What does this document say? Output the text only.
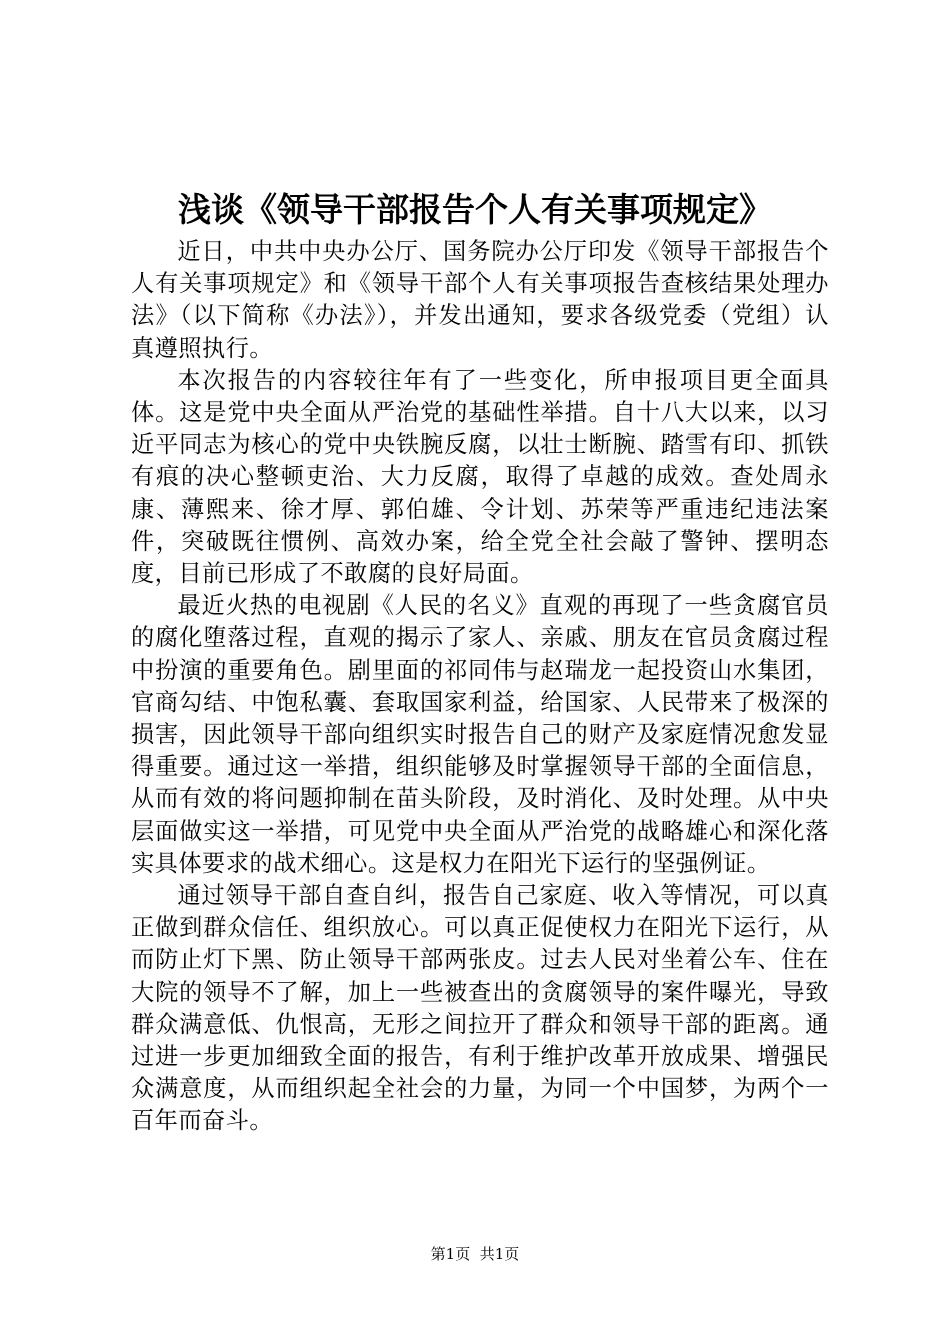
浅谈《领导干部报告个人有关事项规定》

近日，中共中央办公厅、国务院办公厅印发《领导干部报告个人有关事项规定》和《领导干部个人有关事项报告查核结果处理办法》（以下简称《办法》），并发出通知，要求各级党委（党组）认真遵照执行。

本次报告的内容较往年有了一些变化，所申报项目更全面具体。这是党中央全面从严治党的基础性举措。自十八大以来，以习近平同志为核心的党中央铁腕反腐，以壮士断腕、踏雪有印、抓铁有痕的决心整顿吏治、大力反腐，取得了卓越的成效。查处周永康、薄熙来、徐才厚、郭伯雄、令计划、苏荣等严重违纪违法案件，突破既往惯例、高效办案，给全党全社会敲了警钟、摆明态度，目前已形成了不敢腐的良好局面。

最近火热的电视剧《人民的名义》直观的再现了一些贪腐官员的腐化堕落过程，直观的揭示了家人、亲戚、朋友在官员贪腐过程中扮演的重要角色。剧里面的祁同伟与赵瑞龙一起投资山水集团，官商勾结、中饱私囊、套取国家利益，给国家、人民带来了极深的损害，因此领导干部向组织实时报告自己的财产及家庭情况愈发显得重要。通过这一举措，组织能够及时掌握领导干部的全面信息，从而有效的将问题抑制在苗头阶段，及时消化、及时处理。从中央层面做实这一举措，可见党中央全面从严治党的战略雄心和深化落实具体要求的战术细心。这是权力在阳光下运行的坚强例证。

通过领导干部自查自纠，报告自己家庭、收入等情况，可以真正做到群众信任、组织放心。可以真正促使权力在阳光下运行，从而防止灯下黑、防止领导干部两张皮。过去人民对坐着公车、住在大院的领导不了解，加上一些被查出的贪腐领导的案件曝光，导致群众满意低、仇恨高，无形之间拉开了群众和领导干部的距离。通过进一步更加细致全面的报告，有利于维护改革开放成果、增强民众满意度，从而组织起全社会的力量，为同一个中国梦，为两个一百年而奋斗。

第1页 共1页
